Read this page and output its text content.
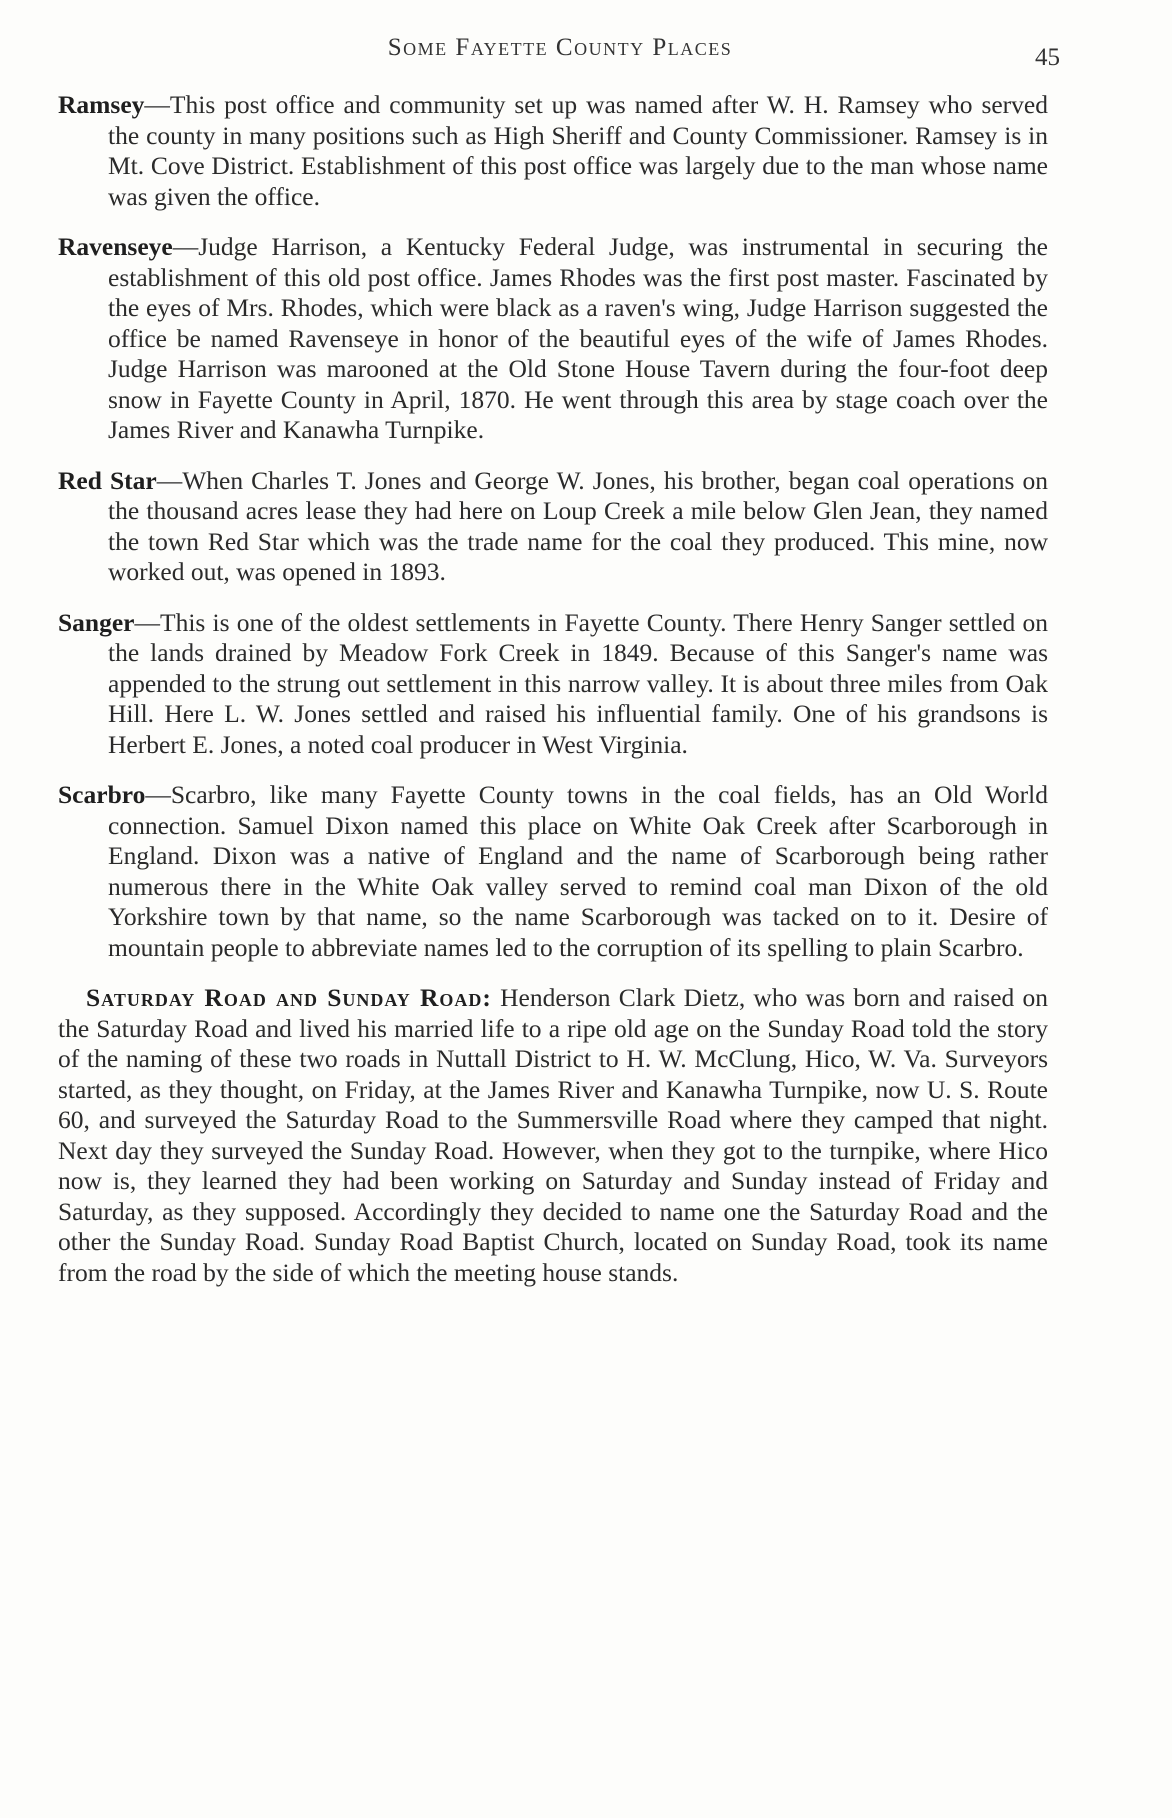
Some Fayette County Places	45

Ramsey—This post office and community set up was named after W. H. Ramsey who served the county in many positions such as High Sheriff and County Commissioner. Ramsey is in Mt. Cove District. Establishment of this post office was largely due to the man whose name was given the office.

Ravenseye—Judge Harrison, a Kentucky Federal Judge, was instrumental in securing the establishment of this old post office. James Rhodes was the first post master. Fascinated by the eyes of Mrs. Rhodes, which were black as a raven's wing, Judge Harrison suggested the office be named Ravenseye in honor of the beautiful eyes of the wife of James Rhodes. Judge Harrison was marooned at the Old Stone House Tavern during the four-foot deep snow in Fayette County in April, 1870. He went through this area by stage coach over the James River and Kanawha Turnpike.

Red Star—When Charles T. Jones and George W. Jones, his brother, began coal operations on the thousand acres lease they had here on Loup Creek a mile below Glen Jean, they named the town Red Star which was the trade name for the coal they produced. This mine, now worked out, was opened in 1893.

Sanger—This is one of the oldest settlements in Fayette County. There Henry Sanger settled on the lands drained by Meadow Fork Creek in 1849. Because of this Sanger's name was appended to the strung out settlement in this narrow valley. It is about three miles from Oak Hill. Here L. W. Jones settled and raised his influential family. One of his grandsons is Herbert E. Jones, a noted coal producer in West Virginia.

Scarbro—Scarbro, like many Fayette County towns in the coal fields, has an Old World connection. Samuel Dixon named this place on White Oak Creek after Scarborough in England. Dixon was a native of England and the name of Scarborough being rather numerous there in the White Oak valley served to remind coal man Dixon of the old Yorkshire town by that name, so the name Scarborough was tacked on to it. Desire of mountain people to abbreviate names led to the corruption of its spelling to plain Scarbro.

Saturday Road and Sunday Road: Henderson Clark Dietz, who was born and raised on the Saturday Road and lived his married life to a ripe old age on the Sunday Road told the story of the naming of these two roads in Nuttall District to H. W. McClung, Hico, W. Va. Surveyors started, as they thought, on Friday, at the James River and Kanawha Turnpike, now U. S. Route 60, and surveyed the Saturday Road to the Summersville Road where they camped that night. Next day they surveyed the Sunday Road. However, when they got to the turnpike, where Hico now is, they learned they had been working on Saturday and Sunday instead of Friday and Saturday, as they supposed. Accordingly they decided to name one the Saturday Road and the other the Sunday Road. Sunday Road Baptist Church, located on Sunday Road, took its name from the road by the side of which the meeting house stands.
